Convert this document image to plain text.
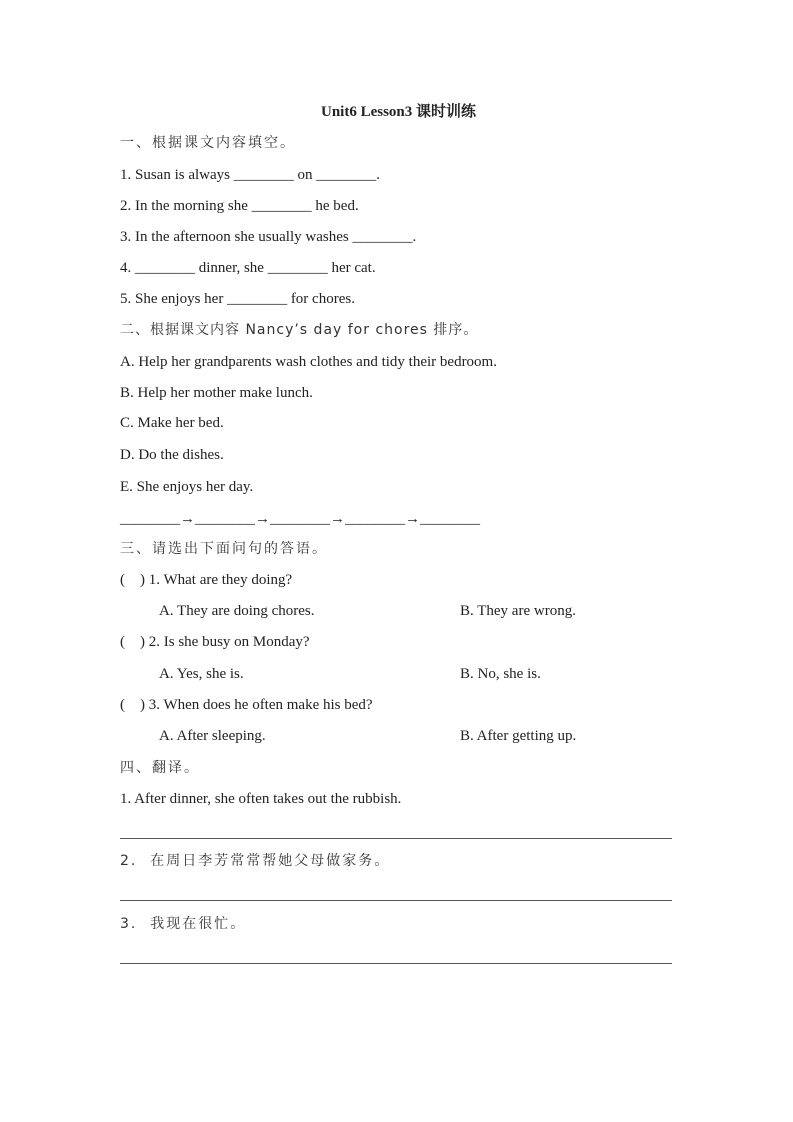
Unit6 Lesson3 课时训练
一、根据课文内容填空。
1. Susan is always ________ on ________.
2. In the morning she ________ he bed.
3. In the afternoon she usually washes ________.
4. ________ dinner, she ________ her cat.
5. She enjoys her ________ for chores.
二、根据课文内容 Nancy’s day for chores 排序。
A. Help her grandparents wash clothes and tidy their bedroom.
B. Help her mother make lunch.
C. Make her bed.
D. Do the dishes.
E. She enjoys her day.
________→________→________→________→________
三、请选出下面问句的答语。
(    ) 1. What are they doing?
A. They are doing chores.	B. They are wrong.
(    ) 2. Is she busy on Monday?
A. Yes, she is.	B. No, she is.
(    ) 3. When does he often make his bed?
A. After sleeping.	B. After getting up.
四、翻译。
1. After dinner, she often takes out the rubbish.
2.  在周日李芳常常帮她父母做家务。
3.  我现在很忙。
